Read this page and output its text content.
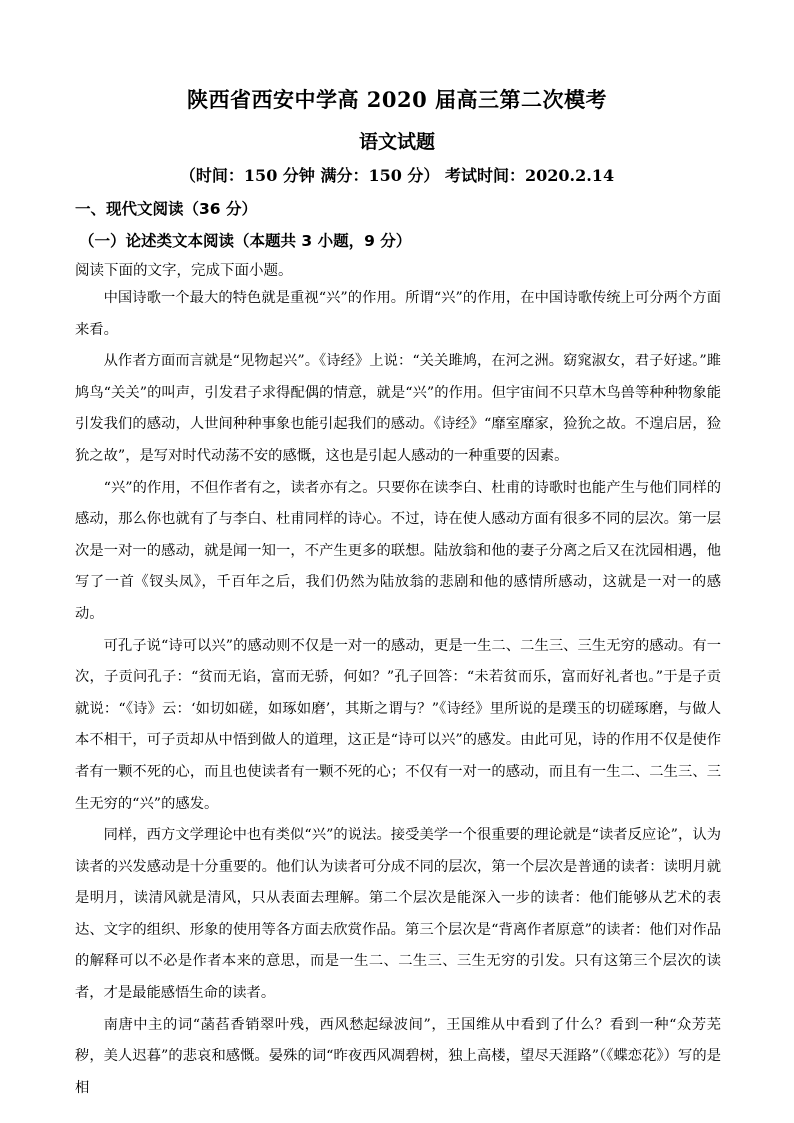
陕西省西安中学高 2020 届高三第二次模考
语文试题
（时间：150 分钟 满分：150 分） 考试时间：2020.2.14
一、现代文阅读（36 分）
（一）论述类文本阅读（本题共 3 小题，9 分）
阅读下面的文字，完成下面小题。

中国诗歌一个最大的特色就是重视“兴”的作用。所谓“兴”的作用，在中国诗歌传统上可分两个方面来看。

从作者方面而言就是“见物起兴”。《诗经》上说：“关关雎鸠，在河之洲。窈窕淑女，君子好逑。”雎鸠鸟“关关”的叫声，引发君子求得配偶的情意，就是“兴”的作用。但宇宙间不只草木鸟兽等种种物象能引发我们的感动，人世间种种事象也能引起我们的感动。《诗经》“靡室靡家，猃狁之故。不遑启居，猃狁之故”，是写对时代动荡不安的感慨，这也是引起人感动的一种重要的因素。

“兴”的作用，不但作者有之，读者亦有之。只要你在读李白、杜甫的诗歌时也能产生与他们同样的感动，那么你也就有了与李白、杜甫同样的诗心。不过，诗在使人感动方面有很多不同的层次。第一层次是一对一的感动，就是闻一知一，不产生更多的联想。陆放翁和他的妻子分离之后又在沈园相遇，他写了一首《钗头凤》，千百年之后，我们仍然为陆放翁的悲剧和他的感情所感动，这就是一对一的感动。

可孔子说“诗可以兴”的感动则不仅是一对一的感动，更是一生二、二生三、三生无穷的感动。有一次，子贡问孔子：“贫而无谄，富而无骄，何如？”孔子回答：“未若贫而乐，富而好礼者也。”于是子贡就说：“《诗》云：‘如切如磋，如琢如磨’，其斯之谓与？”《诗经》里所说的是璞玉的切磋琢磨，与做人本不相干，可子贡却从中悟到做人的道理，这正是“诗可以兴”的感发。由此可见，诗的作用不仅是使作者有一颗不死的心，而且也使读者有一颗不死的心；不仅有一对一的感动，而且有一生二、二生三、三生无穷的“兴”的感发。

同样，西方文学理论中也有类似“兴”的说法。接受美学一个很重要的理论就是“读者反应论”，认为读者的兴发感动是十分重要的。他们认为读者可分成不同的层次，第一个层次是普通的读者：读明月就是明月，读清风就是清风，只从表面去理解。第二个层次是能深入一步的读者：他们能够从艺术的表达、文字的组织、形象的使用等各方面去欣赏作品。第三个层次是“背离作者原意”的读者：他们对作品的解释可以不必是作者本来的意思，而是一生二、二生三、三生无穷的引发。只有这第三个层次的读者，才是最能感悟生命的读者。

南唐中主的词“菡萏香销翠叶残，西风愁起绿波间”，王国维从中看到了什么？看到一种“众芳芜秽，美人迟暮”的悲哀和感慨。晏殊的词“昨夜西风凋碧树，独上高楼，望尽天涯路”（《蝶恋花》）写的是相
